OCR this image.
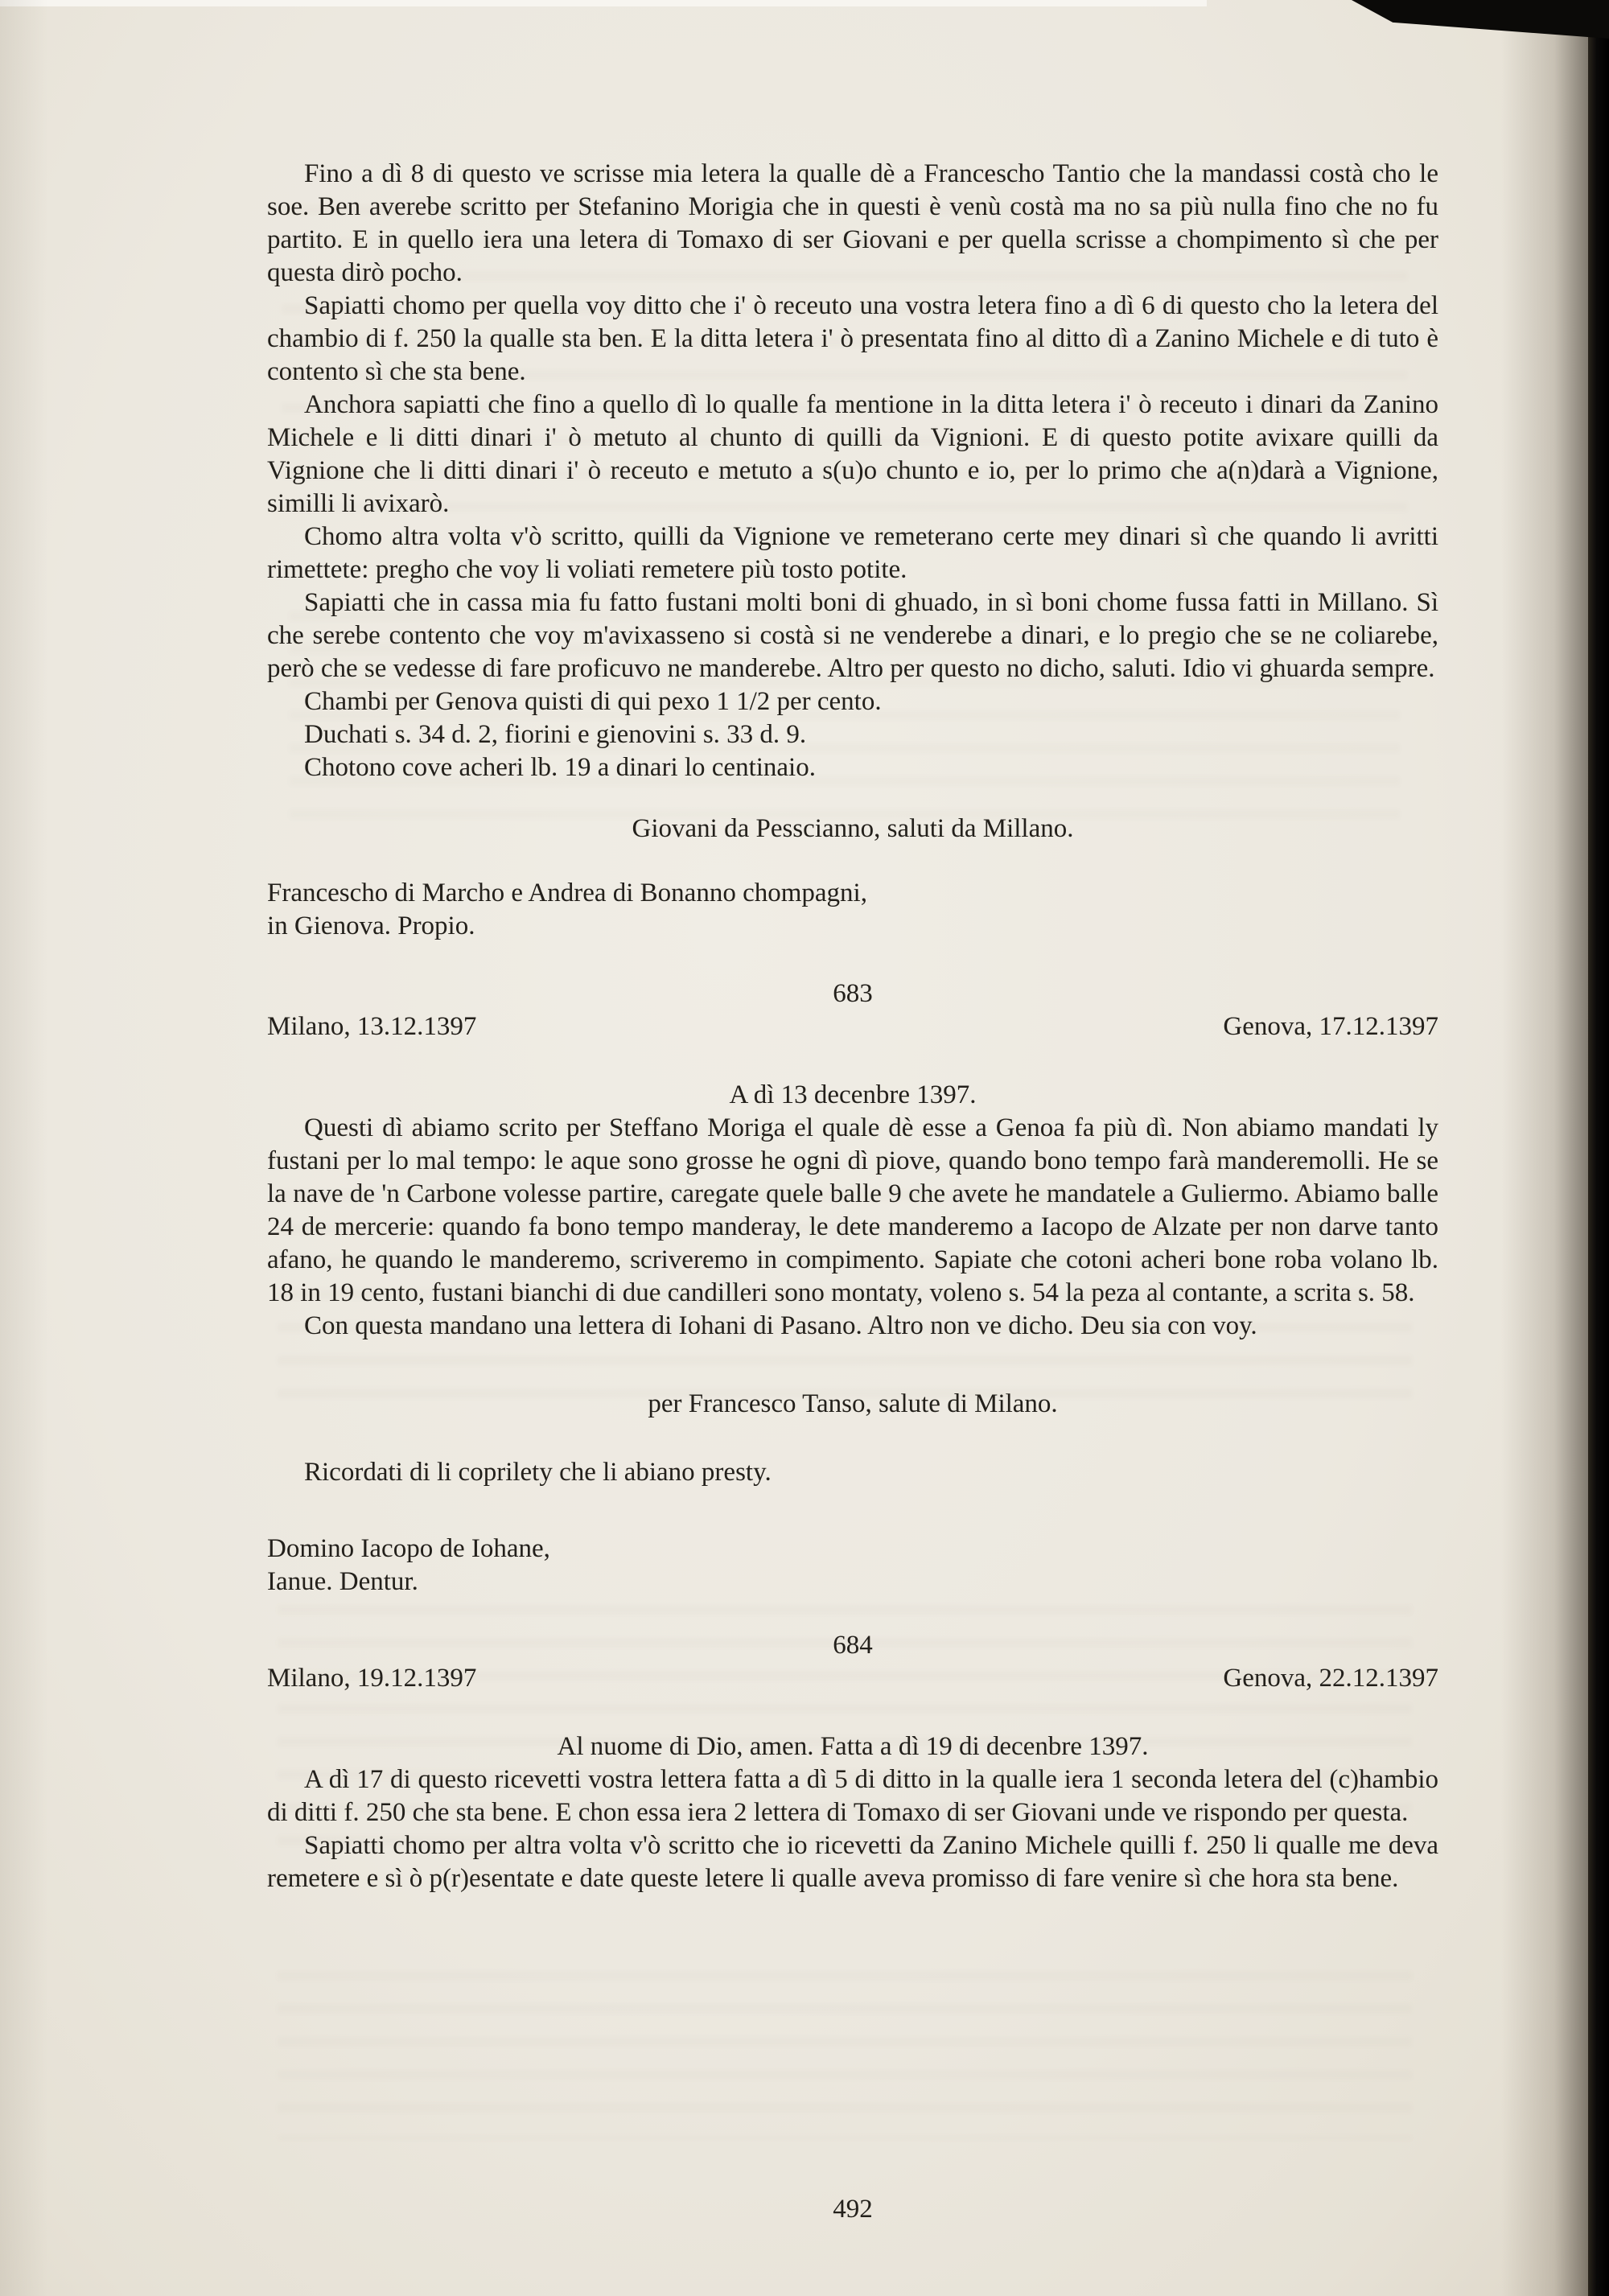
Fino a dì 8 di questo ve scrisse mia letera la qualle dè a Francescho Tantio che la mandassi costà cho le soe. Ben averebe scritto per Stefanino Morigia che in questi è venù costà ma no sa più nulla fino che no fu partito. E in quello iera una letera di Tomaxo di ser Giovani e per quella scrisse a chompimento sì che per questa dirò pocho.

Sapiatti chomo per quella voy ditto che i' ò receuto una vostra letera fino a dì 6 di questo cho la letera del chambio di f. 250 la qualle sta ben. E la ditta letera i' ò presentata fino al ditto dì a Zanino Michele e di tuto è contento sì che sta bene.

Anchora sapiatti che fino a quello dì lo qualle fa mentione in la ditta letera i' ò receuto i dinari da Zanino Michele e li ditti dinari i' ò metuto al chunto di quilli da Vignioni. E di questo potite avixare quilli da Vignione che li ditti dinari i' ò receuto e metuto a s(u)o chunto e io, per lo primo che a(n)darà a Vignione, similli li avixarò.

Chomo altra volta v'ò scritto, quilli da Vignione ve remeterano certe mey dinari sì che quando li avritti rimettete: pregho che voy li voliati remetere più tosto potite.

Sapiatti che in cassa mia fu fatto fustani molti boni di ghuado, in sì boni chome fussa fatti in Millano. Sì che serebe contento che voy m'avixasseno si costà si ne venderebe a dinari, e lo pregio che se ne coliarebe, però che se vedesse di fare proficuvo ne manderebe. Altro per questo no dicho, saluti. Idio vi ghuarda sempre.

Chambi per Genova quisti di qui pexo 1 1/2 per cento.

Duchati s. 34 d. 2, fiorini e gienovini s. 33 d. 9.

Chotono cove acheri lb. 19 a dinari lo centinaio.

Giovani da Pesscianno, saluti da Millano.

Francescho di Marcho e Andrea di Bonanno chompagni,

in Gienova. Propio.

683

Milano, 13.12.1397	Genova, 17.12.1397

A dì 13 decenbre 1397.

Questi dì abiamo scrito per Steffano Moriga el quale dè esse a Genoa fa più dì. Non abiamo mandati ly fustani per lo mal tempo: le aque sono grosse he ogni dì piove, quando bono tempo farà manderemolli. He se la nave de 'n Carbone volesse partire, caregate quele balle 9 che avete he mandatele a Guliermo. Abiamo balle 24 de mercerie: quando fa bono tempo manderay, le dete manderemo a Iacopo de Alzate per non darve tanto afano, he quando le manderemo, scriveremo in compimento. Sapiate che cotoni acheri bone roba volano lb. 18 in 19 cento, fustani bianchi di due candilleri sono montaty, voleno s. 54 la peza al contante, a scrita s. 58.

Con questa mandano una lettera di Iohani di Pasano. Altro non ve dicho. Deu sia con voy.

per Francesco Tanso, salute di Milano.

Ricordati di li coprilety che li abiano presty.

Domino Iacopo de Iohane,

Ianue. Dentur.

684

Milano, 19.12.1397	Genova, 22.12.1397

Al nuome di Dio, amen. Fatta a dì 19 di decenbre 1397.

A dì 17 di questo ricevetti vostra lettera fatta a dì 5 di ditto in la qualle iera 1 seconda letera del (c)hambio di ditti f. 250 che sta bene. E chon essa iera 2 lettera di Tomaxo di ser Giovani unde ve rispondo per questa.

Sapiatti chomo per altra volta v'ò scritto che io ricevetti da Zanino Michele quilli f. 250 li qualle me deva remetere e sì ò p(r)esentate e date queste letere li qualle aveva promisso di fare venire sì che hora sta bene.

492
